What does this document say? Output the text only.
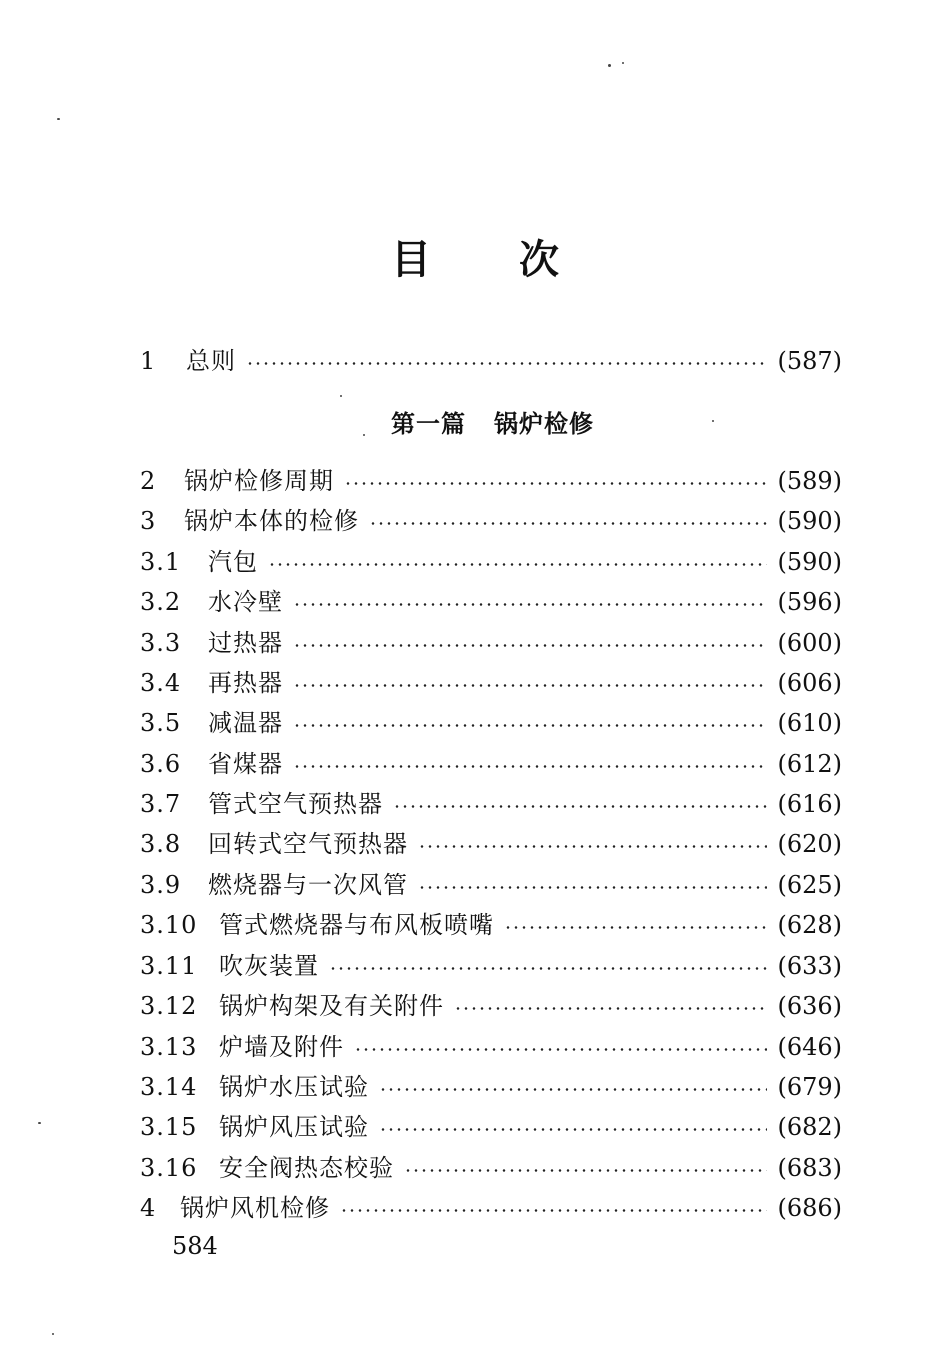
目 次
1	总则	(587)
第一篇 锅炉检修
2	锅炉检修周期	(589)
3	锅炉本体的检修	(590)
3.1	汽包	(590)
3.2	水冷壁	(596)
3.3	过热器	(600)
3.4	再热器	(606)
3.5	减温器	(610)
3.6	省煤器	(612)
3.7	管式空气预热器	(616)
3.8	回转式空气预热器	(620)
3.9	燃烧器与一次风管	(625)
3.10 管式燃烧器与布风板喷嘴	(628)
3.11 吹灰装置	(633)
3.12 锅炉构架及有关附件	(636)
3.13 炉墙及附件	(646)
3.14 锅炉水压试验	(679)
3.15 锅炉风压试验	(682)
3.16 安全阀热态校验	(683)
4 锅炉风机检修	(686)
584
